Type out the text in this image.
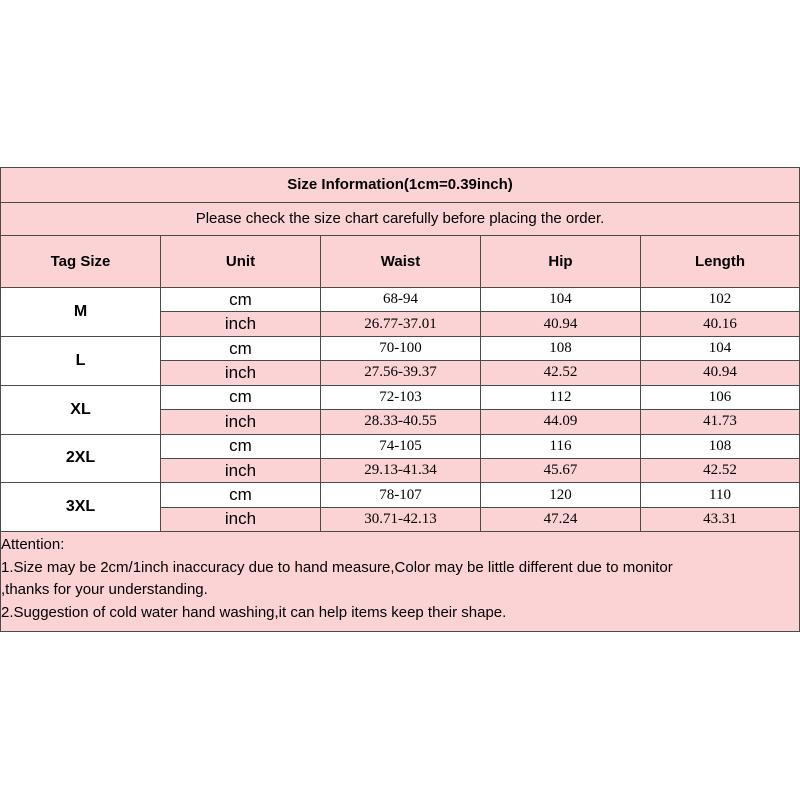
Size Information(1cm=0.39inch)				
Please check the size chart carefully before placing the order.				
Tag Size	Unit	Waist	Hip	Length
M	cm	68-94	104	102
	inch	26.77-37.01	40.94	40.16
L	cm	70-100	108	104
	inch	27.56-39.37	42.52	40.94
XL	cm	72-103	112	106
	inch	28.33-40.55	44.09	41.73
2XL	cm	74-105	116	108
	inch	29.13-41.34	45.67	42.52
3XL	cm	78-107	120	110
	inch	30.71-42.13	47.24	43.31

Attention:
1.Size may be 2cm/1inch inaccuracy due to hand measure,Color may be little different due to monitor
,thanks for your understanding.
2.Suggestion of cold water hand washing,it can help items keep their shape.				
